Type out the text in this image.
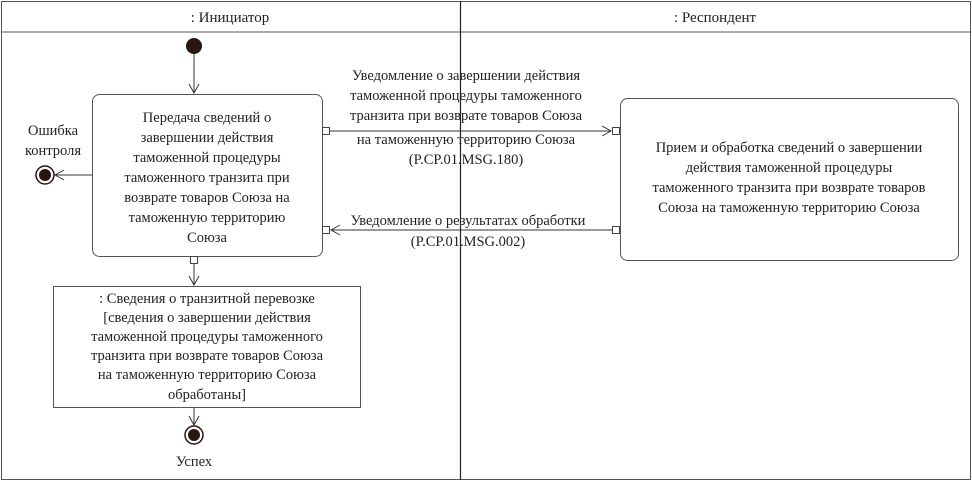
: Инициатор	: Респондент
Передача сведений о
завершении действия
таможенной процедуры
таможенного транзита при
возврате товаров Союза на
таможенную территорию
Союза
Уведомление о завершении действия
таможенной процедуры таможенного
транзита при возврате товаров Союза
на таможенную территорию Союза
(P.CP.01.MSG.180)
Уведомление о результатах обработки
(P.CP.01.MSG.002)
Прием и обработка сведений о завершении
действия таможенной процедуры
таможенного транзита при возврате товаров
Союза на таможенную территорию Союза
Ошибка
контроля
: Сведения о транзитной перевозке
[сведения о завершении действия
таможенной процедуры таможенного
транзита при возврате товаров Союза
на таможенную территорию Союза
обработаны]
Успех
